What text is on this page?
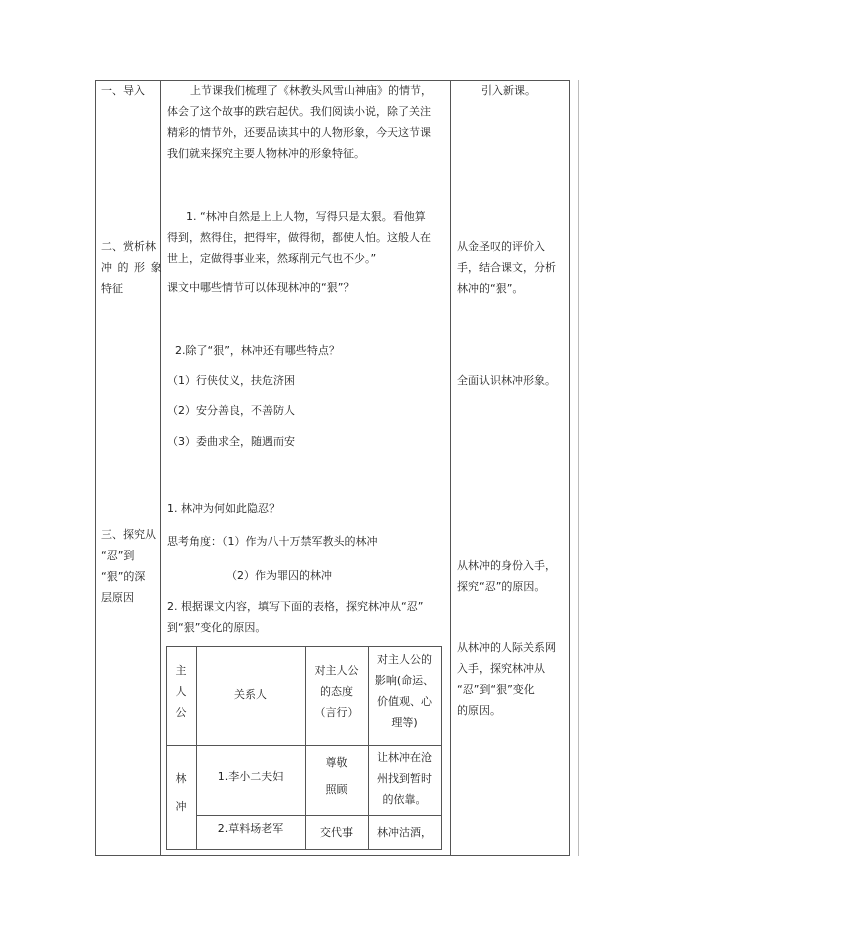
一、导入
二、赏析林
冲 的 形 象
特征
三、探究从
“忍”到
“狠”的深
层原因
上节课我们梳理了《林教头风雪山神庙》的情节，
体会了这个故事的跌宕起伏。我们阅读小说，除了关注
精彩的情节外，还要品读其中的人物形象，今天这节课
我们就来探究主要人物林冲的形象特征。
1. “林冲自然是上上人物，写得只是太狠。看他算
得到，熬得住，把得牢，做得彻，都使人怕。这般人在
世上，定做得事业来，然琢削元气也不少。”
课文中哪些情节可以体现林冲的“狠”？
2.除了“狠”，林冲还有哪些特点？
（1）行侠仗义，扶危济困
（2）安分善良，不善防人
（3）委曲求全，随遇而安
1. 林冲为何如此隐忍？
思考角度：（1）作为八十万禁军教头的林冲
（2）作为罪囚的林冲
2. 根据课文内容，填写下面的表格，探究林冲从“忍”
到“狠”变化的原因。
主
人
公
关系人
对主人公
的态度
（言行）
对主人公的
影响(命运、
价值观、心
理等)
林
冲
1.李小二夫妇
尊敬
照顾
让林冲在沧
州找到暂时
的依靠。
2.草料场老军	交代事	林冲沽酒，
引入新课。
从金圣叹的评价入
手，结合课文，分析
林冲的“狠”。
全面认识林冲形象。
从林冲的身份入手，
探究“忍”的原因。
从林冲的人际关系网
入手，探究林冲从
“忍”到“狠”变化
的原因。
